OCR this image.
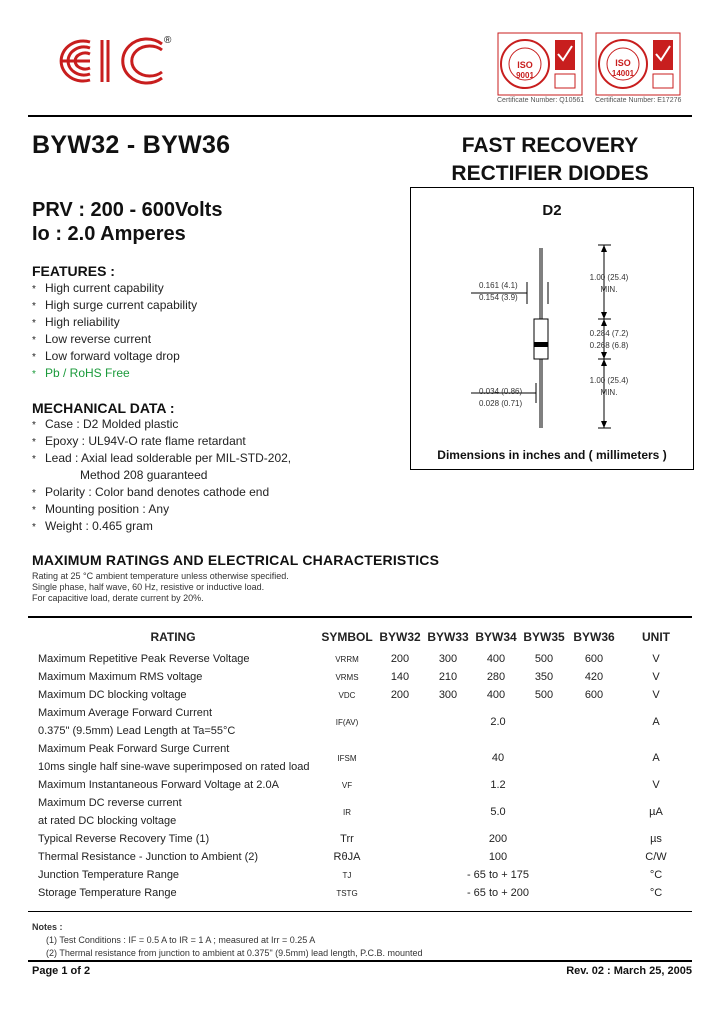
®
ISO
9001
ISO
14001
Certificate Number: Q10561 Certificate Number: E17276
BYW32 - BYW36	FAST RECOVERY
RECTIFIER DIODES
PRV : 200 - 600Volts
Io : 2.0 Amperes
D2
0.161 (4.1)
0.154 (3.9)
1.00 (25.4)
MIN.
0.284 (7.2)
0.268 (6.8)
1.00 (25.4)
MIN.
0.034 (0.86)
0.028 (0.71)
Dimensions in inches and ( millimeters )
FEATURES :
* High current capability
* High surge current capability
* High reliability
* Low reverse current
* Low forward voltage drop
* Pb / RoHS Free
MECHANICAL DATA :
* Case : D2 Molded plastic
* Epoxy : UL94V-O rate flame retardant
* Lead : Axial lead solderable per MIL-STD-202,
Method 208 guaranteed
* Polarity : Color band denotes cathode end
* Mounting position : Any
* Weight : 0.465 gram
MAXIMUM RATINGS AND ELECTRICAL CHARACTERISTICS
Rating at 25 °C ambient temperature unless otherwise specified.
Single phase, half wave, 60 Hz, resistive or inductive load.
For capacitive load, derate current by 20%.
RATING	SYMBOL	BYW32	BYW33	BYW34	BYW35	BYW36	UNIT
Maximum Repetitive Peak Reverse Voltage	VRRM	200	300	400	500	600	V
Maximum Maximum RMS voltage	VRMS	140	210	280	350	420	V
Maximum DC blocking voltage	VDC	200	300	400	500	600	V

Maximum Average Forward Current
0.375" (9.5mm) Lead Length at Ta=55°C	IF(AV)	2.0					A

Maximum Peak Forward Surge Current
10ms single half sine-wave superimposed on rated load	IFSM	40					A
Maximum Instantaneous Forward Voltage at 2.0A	VF	1.2					V

Maximum DC reverse current
at rated DC blocking voltage	IR	5.0					µA
Typical Reverse Recovery Time (1)	Trr	200					µs
Thermal Resistance - Junction to Ambient (2)	RθJA	100					C/W
Junction Temperature Range	TJ	- 65 to + 175					°C
Storage Temperature Range	TSTG	- 65 to + 200					°C
Notes :
(1) Test Conditions : IF = 0.5 A to IR = 1 A ; measured at Irr = 0.25 A
(2) Thermal resistance from junction to ambient at 0.375" (9.5mm) lead length, P.C.B. mounted
Page 1 of 2	Rev. 02 : March 25, 2005
